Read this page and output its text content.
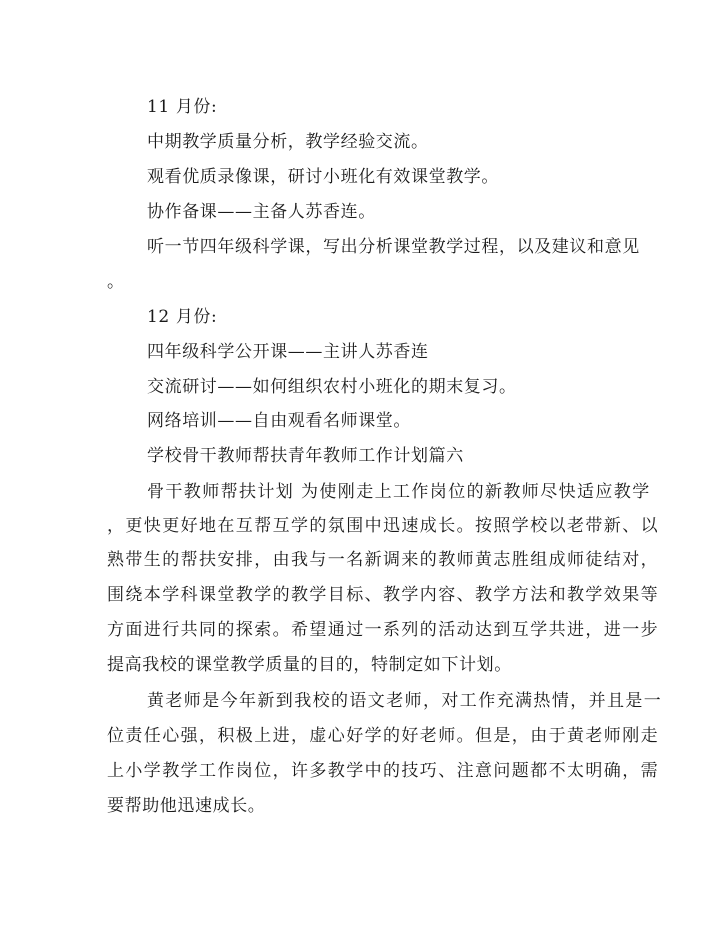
11 月份:
中期教学质量分析，教学经验交流。
观看优质录像课，研讨小班化有效课堂教学。
协作备课——主备人苏香连。
听一节四年级科学课，写出分析课堂教学过程，以及建议和意见
。
12 月份:
四年级科学公开课——主讲人苏香连
交流研讨——如何组织农村小班化的期末复习。
网络培训——自由观看名师课堂。
学校骨干教师帮扶青年教师工作计划篇六
骨干教师帮扶计划 为使刚走上工作岗位的新教师尽快适应教学
，更快更好地在互帮互学的氛围中迅速成长。按照学校以老带新、以
熟带生的帮扶安排，由我与一名新调来的教师黄志胜组成师徒结对，
围绕本学科课堂教学的教学目标、教学内容、教学方法和教学效果等
方面进行共同的探索。希望通过一系列的活动达到互学共进，进一步
提高我校的课堂教学质量的目的，特制定如下计划。
黄老师是今年新到我校的语文老师，对工作充满热情，并且是一
位责任心强，积极上进，虚心好学的好老师。但是，由于黄老师刚走
上小学教学工作岗位，许多教学中的技巧、注意问题都不太明确，需
要帮助他迅速成长。
